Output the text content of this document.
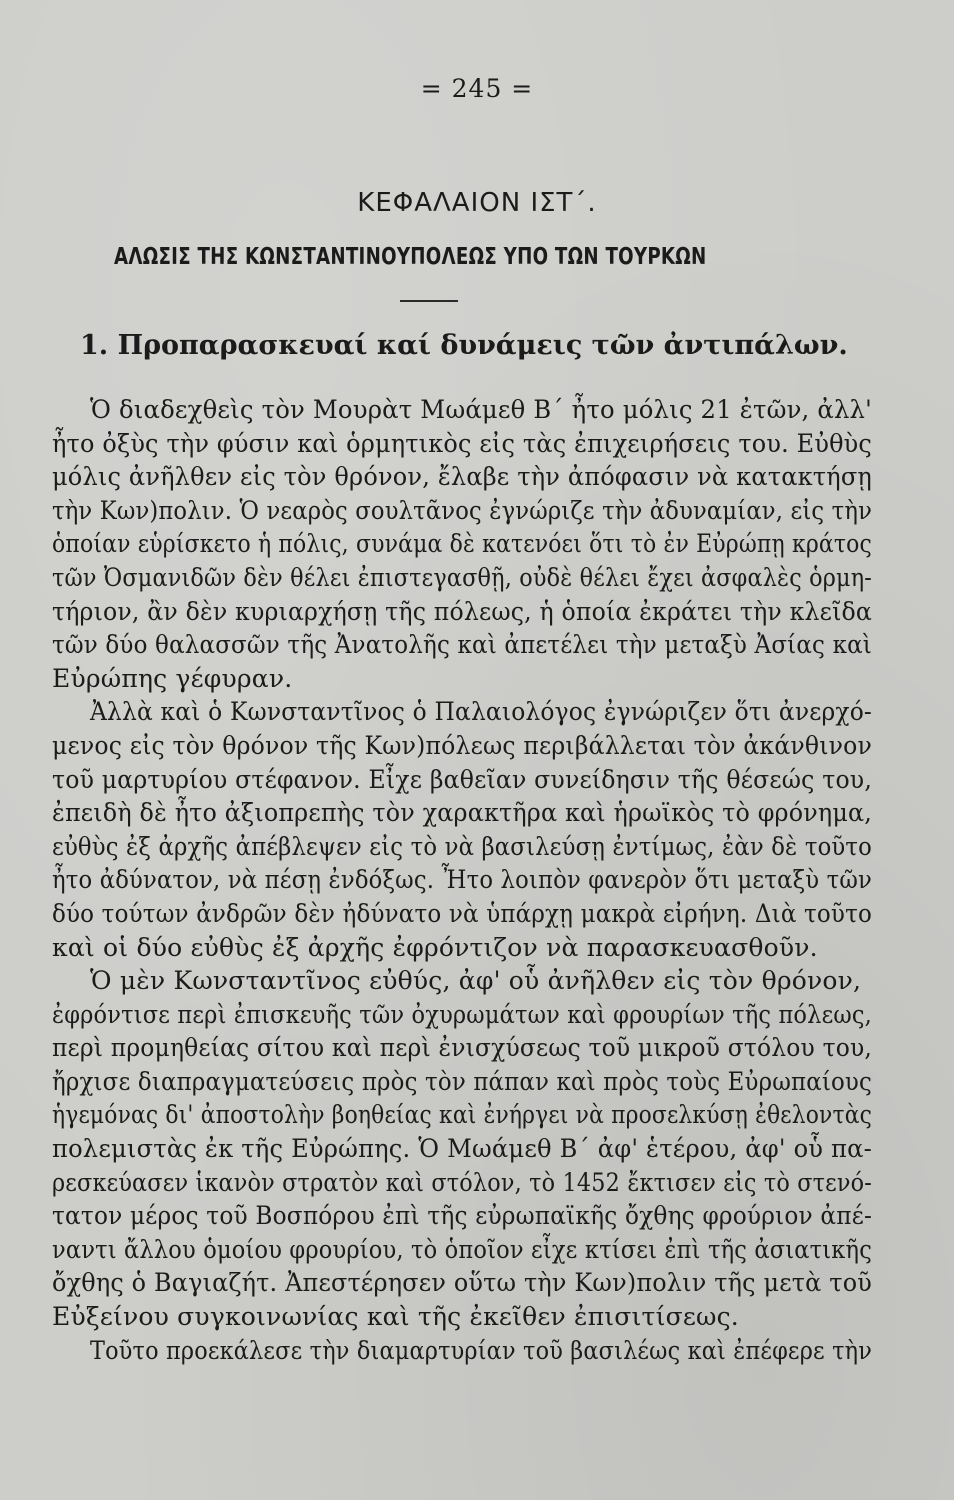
= 245 =
ΚΕΦΑΛΑΙΟΝ ΙΣΤ΄.
ΑΛΩΣΙΣ ΤΗΣ ΚΩΝΣΤΑΝΤΙΝΟΥΠΟΛΕΩΣ ΥΠΟ ΤΩΝ ΤΟΥΡΚΩΝ
1. Προπαρασκευαί καί δυνάμεις τῶν ἀντιπάλων.
Ὁ διαδεχθεὶς τὸν Μουρὰτ Μωάμεθ Β΄ ἦτο μόλις 21 ἐτῶν, ἀλλ'
ἦτο ὀξὺς τὴν φύσιν καὶ ὁρμητικὸς εἰς τὰς ἐπιχειρήσεις του. Εὐθὺς
μόλις ἀνῆλθεν εἰς τὸν θρόνον, ἔλαβε τὴν ἀπόφασιν νὰ κατακτήσῃ
τὴν Κων)πολιν. Ὁ νεαρὸς σουλτᾶνος ἐγνώριζε τὴν ἀδυναμίαν, εἰς τὴν
ὁποίαν εὑρίσκετο ἡ πόλις, συνάμα δὲ κατενόει ὅτι τὸ ἐν Εὐρώπῃ κράτος
τῶν Ὀσμανιδῶν δὲν θέλει ἐπιστεγασθῇ, οὐδὲ θέλει ἔχει ἀσφαλὲς ὁρμη-
τήριον, ἂν δὲν κυριαρχήσῃ τῆς πόλεως, ἡ ὁποία ἐκράτει τὴν κλεῖδα
τῶν δύο θαλασσῶν τῆς Ἀνατολῆς καὶ ἀπετέλει τὴν μεταξὺ Ἀσίας καὶ
Εὐρώπης γέφυραν.
Ἀλλὰ καὶ ὁ Κωνσταντῖνος ὁ Παλαιολόγος ἐγνώριζεν ὅτι ἀνερχό-
μενος εἰς τὸν θρόνον τῆς Κων)πόλεως περιβάλλεται τὸν ἀκάνθινον
τοῦ μαρτυρίου στέφανον. Εἶχε βαθεῖαν συνείδησιν τῆς θέσεώς του,
ἐπειδὴ δὲ ἦτο ἀξιοπρεπὴς τὸν χαρακτῆρα καὶ ἡρωϊκὸς τὸ φρόνημα,
εὐθὺς ἐξ ἀρχῆς ἀπέβλεψεν εἰς τὸ νὰ βασιλεύσῃ ἐντίμως, ἐὰν δὲ τοῦτο
ἦτο ἀδύνατον, νὰ πέσῃ ἐνδόξως. Ἦτο λοιπὸν φανερὸν ὅτι μεταξὺ τῶν
δύο τούτων ἀνδρῶν δὲν ἠδύνατο νὰ ὑπάρχῃ μακρὰ εἰρήνη. Διὰ τοῦτο
καὶ οἱ δύο εὐθὺς ἐξ ἀρχῆς ἐφρόντιζον νὰ παρασκευασθοῦν.
Ὁ μὲν Κωνσταντῖνος εὐθύς, ἀφ' οὗ ἀνῆλθεν εἰς τὸν θρόνον,
ἐφρόντισε περὶ ἐπισκευῆς τῶν ὀχυρωμάτων καὶ φρουρίων τῆς πόλεως,
περὶ προμηθείας σίτου καὶ περὶ ἐνισχύσεως τοῦ μικροῦ στόλου του,
ἤρχισε διαπραγματεύσεις πρὸς τὸν πάπαν καὶ πρὸς τοὺς Εὐρωπαίους
ἡγεμόνας δι' ἀποστολὴν βοηθείας καὶ ἐνήργει νὰ προσελκύσῃ ἐθελοντὰς
πολεμιστὰς ἐκ τῆς Εὐρώπης. Ὁ Μωάμεθ Β΄ ἀφ' ἑτέρου, ἀφ' οὗ πα-
ρεσκεύασεν ἱκανὸν στρατὸν καὶ στόλον, τὸ 1452 ἔκτισεν εἰς τὸ στενό-
τατον μέρος τοῦ Βοσπόρου ἐπὶ τῆς εὐρωπαϊκῆς ὄχθης φρούριον ἀπέ-
ναντι ἄλλου ὁμοίου φρουρίου, τὸ ὁποῖον εἶχε κτίσει ἐπὶ τῆς ἀσιατικῆς
ὄχθης ὁ Βαγιαζήτ. Ἀπεστέρησεν οὕτω τὴν Κων)πολιν τῆς μετὰ τοῦ
Εὐξείνου συγκοινωνίας καὶ τῆς ἐκεῖθεν ἐπισιτίσεως.
Τοῦτο προεκάλεσε τὴν διαμαρτυρίαν τοῦ βασιλέως καὶ ἐπέφερε τὴν
